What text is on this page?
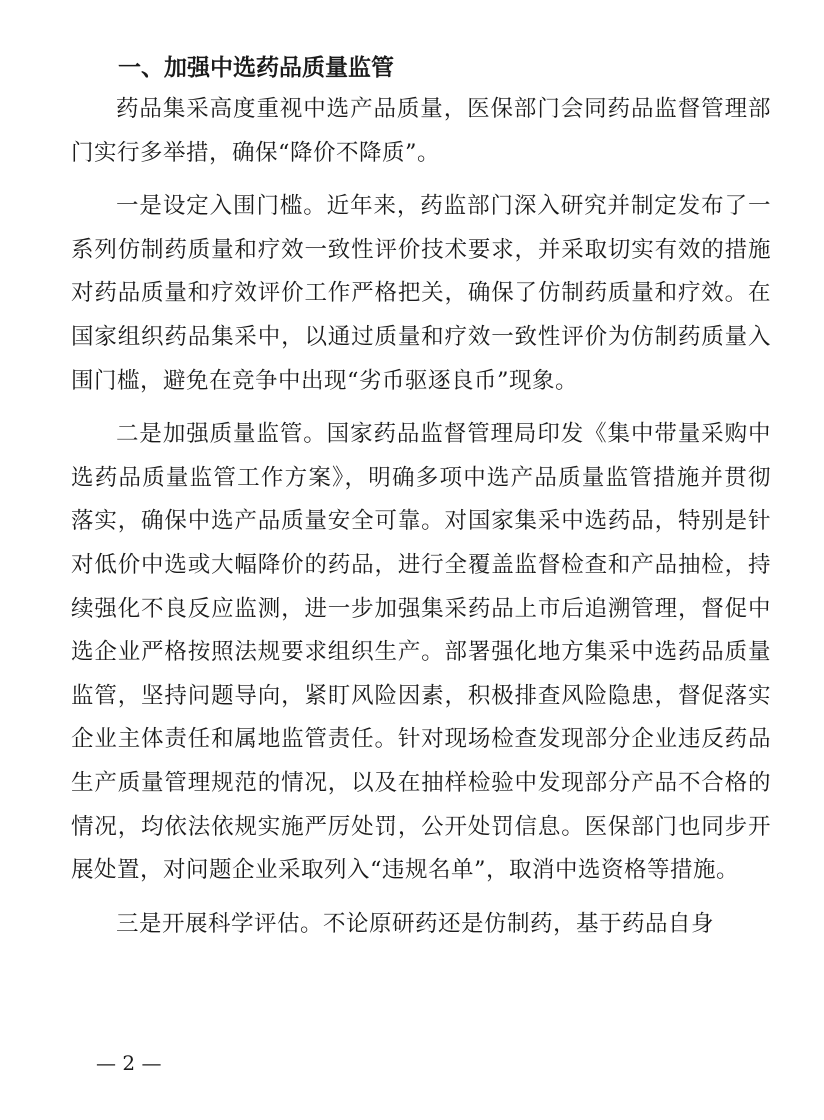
一、加强中选药品质量监管

药品集采高度重视中选产品质量，医保部门会同药品监督管理部门实行多举措，确保“降价不降质”。

一是设定入围门槛。近年来，药监部门深入研究并制定发布了一系列仿制药质量和疗效一致性评价技术要求，并采取切实有效的措施对药品质量和疗效评价工作严格把关，确保了仿制药质量和疗效。在国家组织药品集采中，以通过质量和疗效一致性评价为仿制药质量入围门槛，避免在竞争中出现“劣币驱逐良币”现象。

二是加强质量监管。国家药品监督管理局印发《集中带量采购中选药品质量监管工作方案》，明确多项中选产品质量监管措施并贯彻落实，确保中选产品质量安全可靠。对国家集采中选药品，特别是针对低价中选或大幅降价的药品，进行全覆盖监督检查和产品抽检，持续强化不良反应监测，进一步加强集采药品上市后追溯管理，督促中选企业严格按照法规要求组织生产。部署强化地方集采中选药品质量监管，坚持问题导向，紧盯风险因素，积极排查风险隐患，督促落实企业主体责任和属地监管责任。针对现场检查发现部分企业违反药品生产质量管理规范的情况，以及在抽样检验中发现部分产品不合格的情况，均依法依规实施严厉处罚，公开处罚信息。医保部门也同步开展处置，对问题企业采取列入“违规名单”，取消中选资格等措施。

三是开展科学评估。不论原研药还是仿制药，基于药品自身

— 2 —
